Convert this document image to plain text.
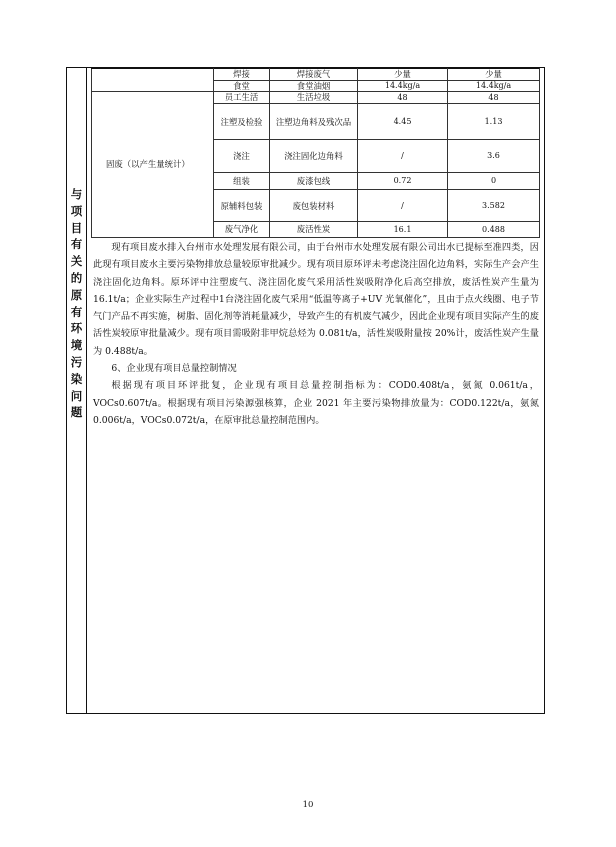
与
项
目
有
关
的
原
有
环
境
污
染
问
题
	焊接	焊接废气	少量	少量
	食堂	食堂油烟	14.4kg/a	14.4kg/a
固废（以产生量统计）	员工生活	生活垃圾	48	48
	注塑及检验	注塑边角料及残次品	4.45	1.13
	浇注	浇注固化边角料	/	3.6
	组装	废漆包线	0.72	0
	原辅料包装	废包装材料	/	3.582
	废气净化	废活性炭	16.1	0.488

现有项目废水排入台州市水处理发展有限公司，由于台州市水处理发展有限公司出水已提标至准四类，因此现有项目废水主要污染物排放总量较原审批减少。现有项目原环评未考虑浇注固化边角料，实际生产会产生浇注固化边角料。原环评中注塑废气、浇注固化废气采用活性炭吸附净化后高空排放，废活性炭产生量为16.1t/a；企业实际生产过程中1台浇注固化废气采用“低温等离子+UV 光氧催化”，且由于点火线圈、电子节气门产品不再实施，树脂、固化剂等消耗量减少，导致产生的有机废气减少，因此企业现有项目实际产生的废活性炭较原审批量减少。现有项目需吸附非甲烷总烃为 0.081t/a，活性炭吸附量按 20%计，废活性炭产生量为 0.488t/a。

6、企业现有项目总量控制情况

根据现有项目环评批复，企业现有项目总量控制指标为：COD0.408t/a，氨氮 0.061t/a，VOCs0.607t/a。根据现有项目污染源强核算，企业 2021 年主要污染物排放量为：COD0.122t/a，氨氮 0.006t/a，VOCs0.072t/a，在原审批总量控制范围内。

10
